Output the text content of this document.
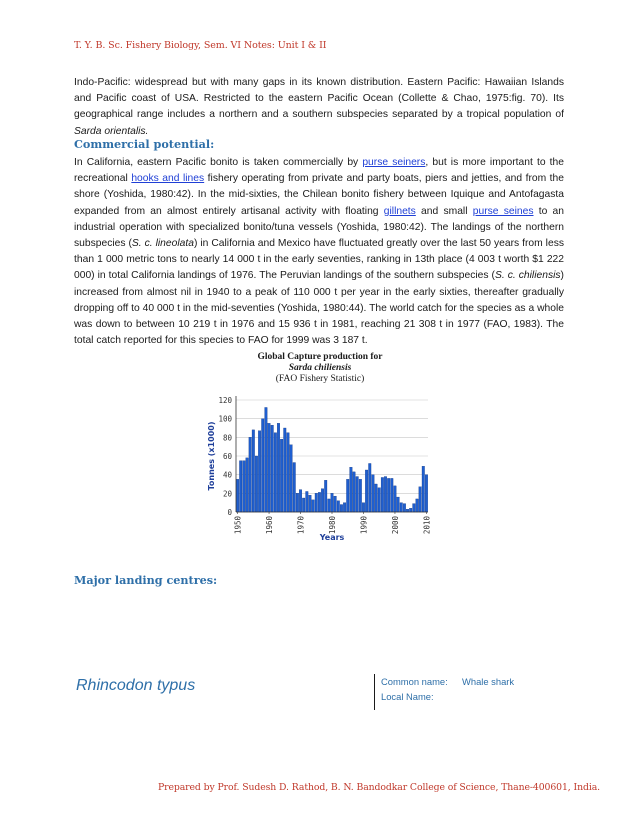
T. Y. B. Sc. Fishery Biology, Sem. VI Notes: Unit I & II
Indo-Pacific: widespread but with many gaps in its known distribution. Eastern Pacific: Hawaiian Islands and Pacific coast of USA. Restricted to the eastern Pacific Ocean (Collette & Chao, 1975:fig. 70). Its geographical range includes a northern and a southern subspecies separated by a tropical population of Sarda orientalis.
Commercial potential:
In California, eastern Pacific bonito is taken commercially by purse seiners, but is more important to the recreational hooks and lines fishery operating from private and party boats, piers and jetties, and from the shore (Yoshida, 1980:42). In the mid-sixties, the Chilean bonito fishery between Iquique and Antofagasta expanded from an almost entirely artisanal activity with floating gillnets and small purse seines to an industrial operation with specialized bonito/tuna vessels (Yoshida, 1980:42). The landings of the northern subspecies (S. c. lineolata) in California and Mexico have fluctuated greatly over the last 50 years from less than 1 000 metric tons to nearly 14 000 t in the early seventies, ranking in 13th place (4 003 t worth $1 222 000) in total California landings of 1976. The Peruvian landings of the southern subspecies (S. c. chiliensis) increased from almost nil in 1940 to a peak of 110 000 t per year in the early sixties, thereafter gradually dropping off to 40 000 t in the mid-seventies (Yoshida, 1980:44). The world catch for the species as a whole was down to between 10 219 t in 1976 and 15 936 t in 1981, reaching 21 308 t in 1977 (FAO, 1983). The total catch reported for this species to FAO for 1999 was 3 187 t.
Global Capture production for
Sarda chiliensis
(FAO Fishery Statistic)
0
20
40
60
80
100
120
1950	1960	1970	1980	1990	2000	2010
Years
Tonnes (x1000)
Major landing centres:
Rhincodon typus	Common name: Whale shark
Local Name:
Prepared by Prof. Sudesh D. Rathod, B. N. Bandodkar College of Science, Thane-400601, India.
